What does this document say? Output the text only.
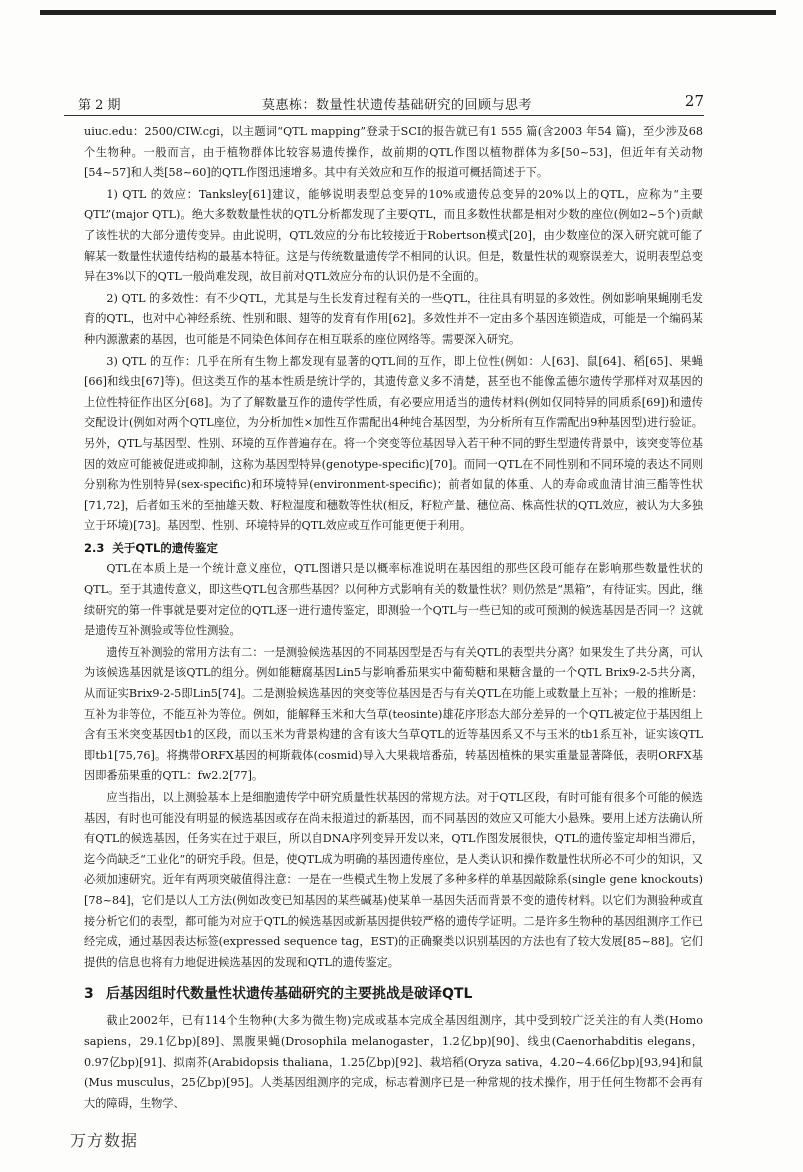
第 2 期	莫惠栋：数量性状遗传基础研究的回顾与思考	27

uiuc.edu：2500/CIW.cgi，以主题词“QTL mapping”登录于SCI的报告就已有1 555 篇(含2003 年54 篇)，至少涉及68 个生物种。一般而言，由于植物群体比较容易遗传操作，故前期的QTL作图以植物群体为多[50~53]，但近年有关动物[54~57]和人类[58~60]的QTL作图迅速增多。其中有关效应和互作的报道可概括简述于下。

1) QTL 的效应：Tanksley[61]建议，能够说明表型总变异的10%或遗传总变异的20%以上的QTL，应称为“主要QTL”(major QTL)。绝大多数数量性状的QTL分析都发现了主要QTL，而且多数性状都是相对少数的座位(例如2~5个)贡献了该性状的大部分遗传变异。由此说明，QTL效应的分布比较接近于Robertson模式[20]，由少数座位的深入研究就可能了解某一数量性状遗传结构的最基本特征。这是与传统数量遗传学不相同的认识。但是，数量性状的观察误差大，说明表型总变异在3%以下的QTL一般尚难发现，故目前对QTL效应分布的认识仍是不全面的。

2) QTL 的多效性：有不少QTL，尤其是与生长发育过程有关的一些QTL，往往具有明显的多效性。例如影响果蝇刚毛发育的QTL，也对中心神经系统、性别和眼、翅等的发育有作用[62]。多效性并不一定由多个基因连锁造成，可能是一个编码某种内源激素的基因，也可能是不同染色体间存在相互联系的座位网络等。需要深入研究。

3) QTL 的互作：几乎在所有生物上都发现有显著的QTL间的互作，即上位性(例如：人[63]、鼠[64]、稻[65]、果蝇[66]和线虫[67]等)。但这类互作的基本性质是统计学的，其遗传意义多不清楚，甚至也不能像孟德尔遗传学那样对双基因的上位性特征作出区分[68]。为了了解数量互作的遗传学性质，有必要应用适当的遗传材料(例如仅同特异的同质系[69])和遗传交配设计(例如对两个QTL座位，为分析加性×加性互作需配出4种纯合基因型，为分析所有互作需配出9种基因型)进行验证。另外，QTL与基因型、性别、环境的互作普遍存在。将一个突变等位基因导入若干种不同的野生型遗传背景中，该突变等位基因的效应可能被促进或抑制，这称为基因型特异(genotype-specific)[70]。而同一QTL在不同性别和不同环境的表达不同则分别称为性别特异(sex-specific)和环境特异(environment-specific)；前者如鼠的体重、人的寿命或血清甘油三酯等性状[71,72]，后者如玉米的至抽雄天数、籽粒湿度和穗数等性状(相反，籽粒产量、穗位高、株高性状的QTL效应，被认为大多独立于环境)[73]。基因型、性别、环境特异的QTL效应或互作可能更便于利用。

2.3 关于QTL的遗传鉴定

QTL在本质上是一个统计意义座位，QTL图谱只是以概率标准说明在基因组的那些区段可能存在影响那些数量性状的QTL。至于其遗传意义，即这些QTL包含那些基因？以何种方式影响有关的数量性状？则仍然是“黑箱”，有待证实。因此，继续研究的第一件事就是要对定位的QTL逐一进行遗传鉴定，即测验一个QTL与一些已知的或可预测的候选基因是否同一？这就是遗传互补测验或等位性测验。

遗传互补测验的常用方法有二：一是测验候选基因的不同基因型是否与有关QTL的表型共分离？如果发生了共分离，可认为该候选基因就是该QTL的组分。例如能糖腐基因Lin5与影响番茄果实中葡萄糖和果糖含量的一个QTL Brix9-2-5共分离，从而证实Brix9-2-5即Lin5[74]。二是测验候选基因的突变等位基因是否与有关QTL在功能上或数量上互补；一般的推断是：互补为非等位，不能互补为等位。例如，能解释玉米和大刍草(teosinte)雄花序形态大部分差异的一个QTL被定位于基因组上含有玉米突变基因tb1的区段，而以玉米为背景构建的含有该大刍草QTL的近等基因系又不与玉米的tb1系互补，证实该QTL即tb1[75,76]。将携带ORFX基因的柯斯载体(cosmid)导入大果栽培番茄，转基因植株的果实重量显著降低，表明ORFX基因即番茄果重的QTL：fw2.2[77]。

应当指出，以上测验基本上是细胞遗传学中研究质量性状基因的常规方法。对于QTL区段，有时可能有很多个可能的候选基因，有时也可能没有明显的候选基因或存在尚未报道过的新基因，而不同基因的效应又可能大小悬殊。要用上述方法确认所有QTL的候选基因，任务实在过于艰巨，所以自DNA序列变异开发以来，QTL作图发展很快，QTL的遗传鉴定却相当滞后，迄今尚缺乏“工业化”的研究手段。但是，使QTL成为明确的基因遗传座位，是人类认识和操作数量性状所必不可少的知识，又必须加速研究。近年有两项突破值得注意：一是在一些模式生物上发展了多种多样的单基因敲除系(single gene knockouts)[78~84]，它们是以人工方法(例如改变已知基因的某些碱基)使某单一基因失活而背景不变的遗传材料。以它们为测验种或直接分析它们的表型，都可能为对应于QTL的候选基因或新基因提供较严格的遗传学证明。二是许多生物种的基因组测序工作已经完成，通过基因表达标签(expressed sequence tag，EST)的正确聚类以识别基因的方法也有了较大发展[85~88]。它们提供的信息也将有力地促进候选基因的发现和QTL的遗传鉴定。

3 后基因组时代数量性状遗传基础研究的主要挑战是破译QTL

截止2002年，已有114个生物种(大多为微生物)完成或基本完成全基因组测序，其中受到较广泛关注的有人类(Homo sapiens，29.1亿bp)[89]、黑腹果蝇(Drosophila melanogaster，1.2亿bp)[90]、线虫(Caenorhabditis elegans，0.97亿bp)[91]、拟南芥(Arabidopsis thaliana，1.25亿bp)[92]、栽培稻(Oryza sativa，4.20~4.66亿bp)[93,94]和鼠(Mus musculus，25亿bp)[95]。人类基因组测序的完成，标志着测序已是一种常规的技术操作，用于任何生物都不会再有大的障碍，生物学、

万方数据
